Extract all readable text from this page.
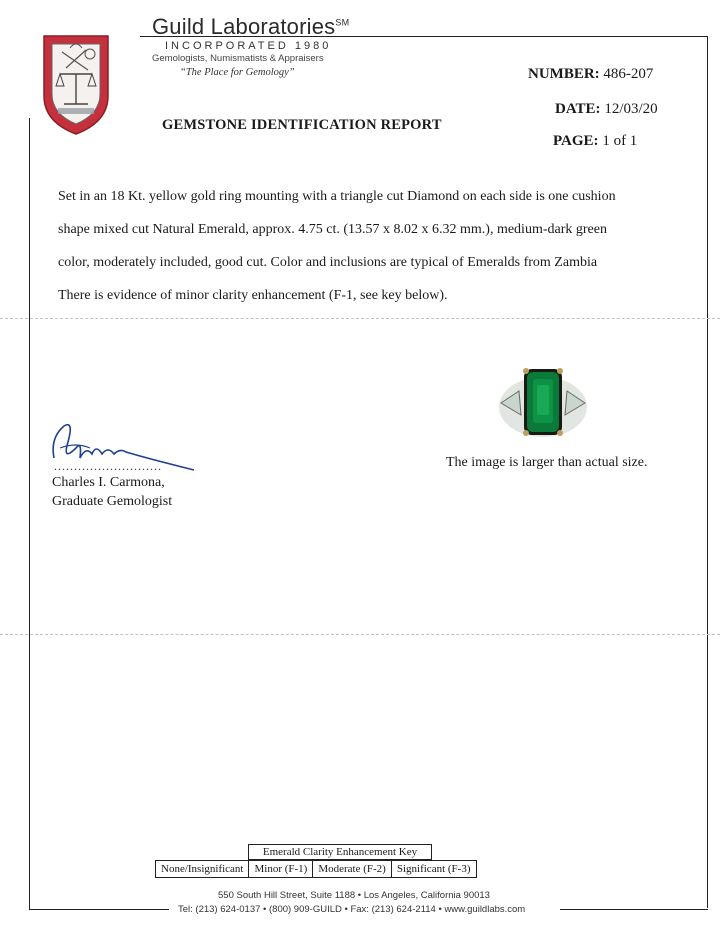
Guild Laboratories℠
INCORPORATED 1980
Gemologists, Numismatists & Appraisers
“The Place for Gemology”	NUMBER: 486-207
DATE: 12/03/20
PAGE: 1 of 1
GEMSTONE IDENTIFICATION REPORT

Set in an 18 Kt. yellow gold ring mounting with a triangle cut Diamond on each side is one cushion

shape mixed cut Natural Emerald, approx. 4.75 ct. (13.57 x 8.02 x 6.32 mm.), medium-dark green

color, moderately included, good cut. Color and inclusions are typical of Emeralds from Zambia

There is evidence of minor clarity enhancement (F-1, see key below).

The image is larger than actual size.
...........................
Charles I. Carmona,
Graduate Gemologist
Emerald Clarity Enhancement Key
None/Insignificant	Minor (F-1)	Moderate (F-2)	Significant (F-3)
550 South Hill Street, Suite 1188 • Los Angeles, California 90013
Tel: (213) 624-0137 • (800) 909-GUILD • Fax: (213) 624-2114 • www.guildlabs.com
